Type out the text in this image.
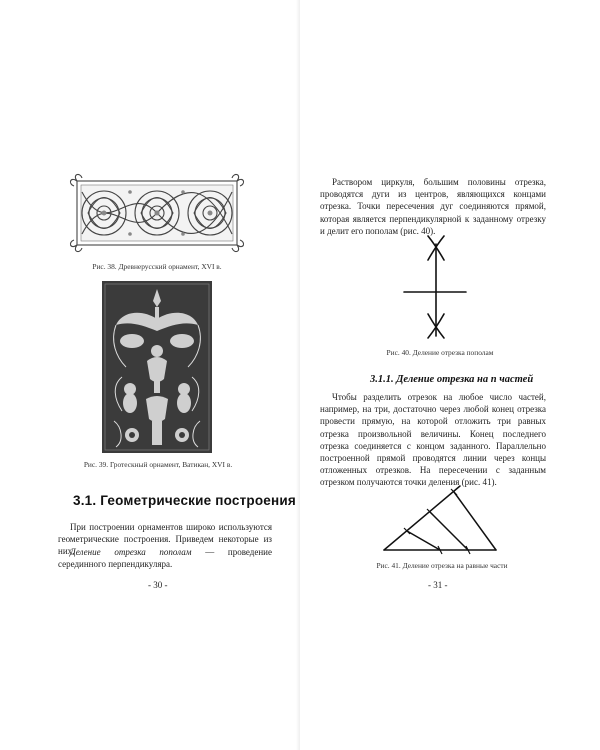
Рис. 38. Древнерусский орнамент, XVI в.
Рис. 39. Гротескный орнамент, Ватикан, XVI в.
3.1. Геометрические построения

При построении орнаментов широко используются геометрические построения. Приведем некоторые из них.

Деление отрезка пополам — проведение серединного перпендикуляра.

- 30 -

Раствором циркуля, большим половины отрезка, проводятся дуги из центров, являющихся концами отрезка. Точки пересечения дуг соединяются прямой, которая является перпендикулярной к заданному отрезку и делит его пополам (рис. 40).

Рис. 40. Деление отрезка пополам
3.1.1. Деление отрезка на n частей

Чтобы разделить отрезок на любое число частей, например, на три, достаточно через любой конец отрезка провести прямую, на которой отложить три равных отрезка произвольной величины. Конец последнего отрезка соединяется с концом заданного. Параллельно построенной прямой проводятся линии через концы отложенных отрезков. На пересечении с заданным отрезком получаются точки деления (рис. 41).

Рис. 41. Деление отрезка на равные части
- 31 -
